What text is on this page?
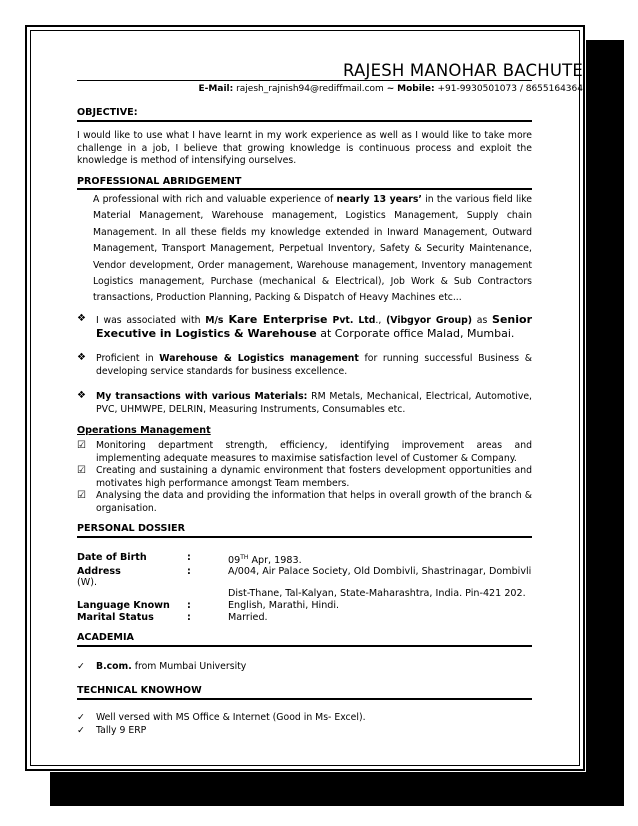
RAJESH MANOHAR BACHUTE
E-Mail: rajesh_rajnish94@rediffmail.com ~ Mobile: +91-9930501073 / 8655164364
OBJECTIVE:
I would like to use what I have learnt in my work experience as well as I would like to take more challenge in a job, I believe that growing knowledge is continuous process and exploit the knowledge is method of intensifying ourselves.
PROFESSIONAL ABRIDGEMENT
A professional with rich and valuable experience of nearly 13 years’ in the various field like Material Management, Warehouse management, Logistics Management, Supply chain Management. In all these fields my knowledge extended in Inward Management, Outward Management, Transport Management, Perpetual Inventory, Safety & Security Maintenance, Vendor development, Order management, Warehouse management, Inventory management Logistics management, Purchase (mechanical & Electrical), Job Work & Sub Contractors transactions, Production Planning, Packing & Dispatch of Heavy Machines etc...
❖ I was associated with M/s Kare Enterprise Pvt. Ltd., (Vibgyor Group) as Senior Executive in Logistics & Warehouse at Corporate office Malad, Mumbai.
❖ Proficient in Warehouse & Logistics management for running successful Business & developing service standards for business excellence.
❖ My transactions with various Materials: RM Metals, Mechanical, Electrical, Automotive, PVC, UHMWPE, DELRIN, Measuring Instruments, Consumables etc.
Operations Management
☑ Monitoring department strength, efficiency, identifying improvement areas and implementing adequate measures to maximise satisfaction level of Customer & Company.
☑ Creating and sustaining a dynamic environment that fosters development opportunities and motivates high performance amongst Team members.
☑ Analysing the data and providing the information that helps in overall growth of the branch & organisation.
PERSONAL DOSSIER
Date of Birth	:	09TH Apr, 1983.
Address	:	A/004, Air Palace Society, Old Dombivli, Shastrinagar, Dombivli
(W).
Dist-Thane, Tal-Kalyan, State-Maharashtra, India. Pin-421 202.
Language Known :	English, Marathi, Hindi.
Marital Status	:	Married.
ACADEMIA
✓ B.com. from Mumbai University
TECHNICAL KNOWHOW
✓ Well versed with MS Office & Internet (Good in Ms- Excel).
✓ Tally 9 ERP
